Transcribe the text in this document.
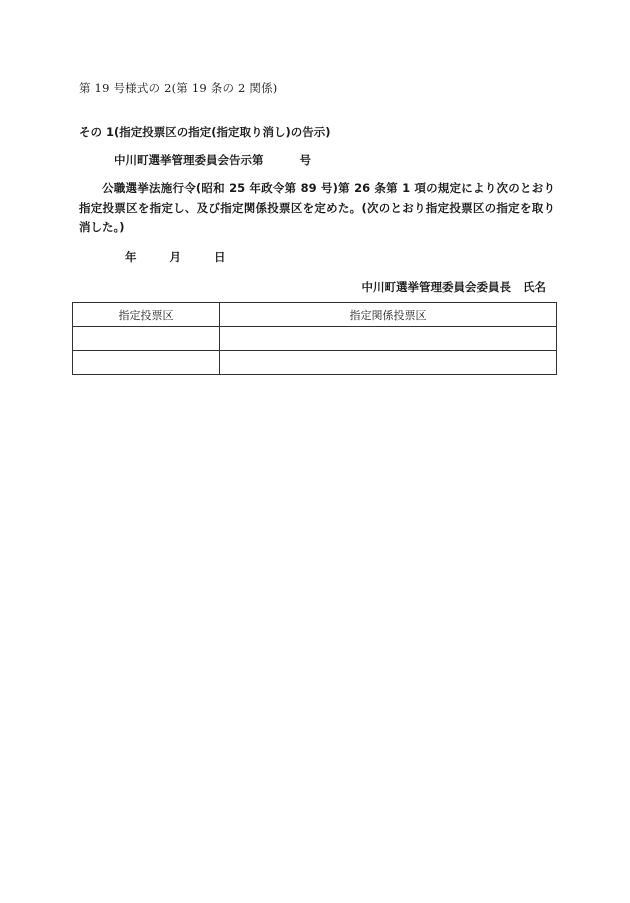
第 19 号様式の 2(第 19 条の 2 関係)
その 1(指定投票区の指定(指定取り消し)の告示)
中川町選挙管理委員会告示第	号
公職選挙法施行令(昭和 25 年政令第 89 号)第 26 条第 1 項の規定により次のとおり指定投票区を指定し、及び指定関係投票区を定めた。(次のとおり指定投票区の指定を取り消した。)
年	月	日
中川町選挙管理委員会委員長 氏名
指定投票区	指定関係投票区
